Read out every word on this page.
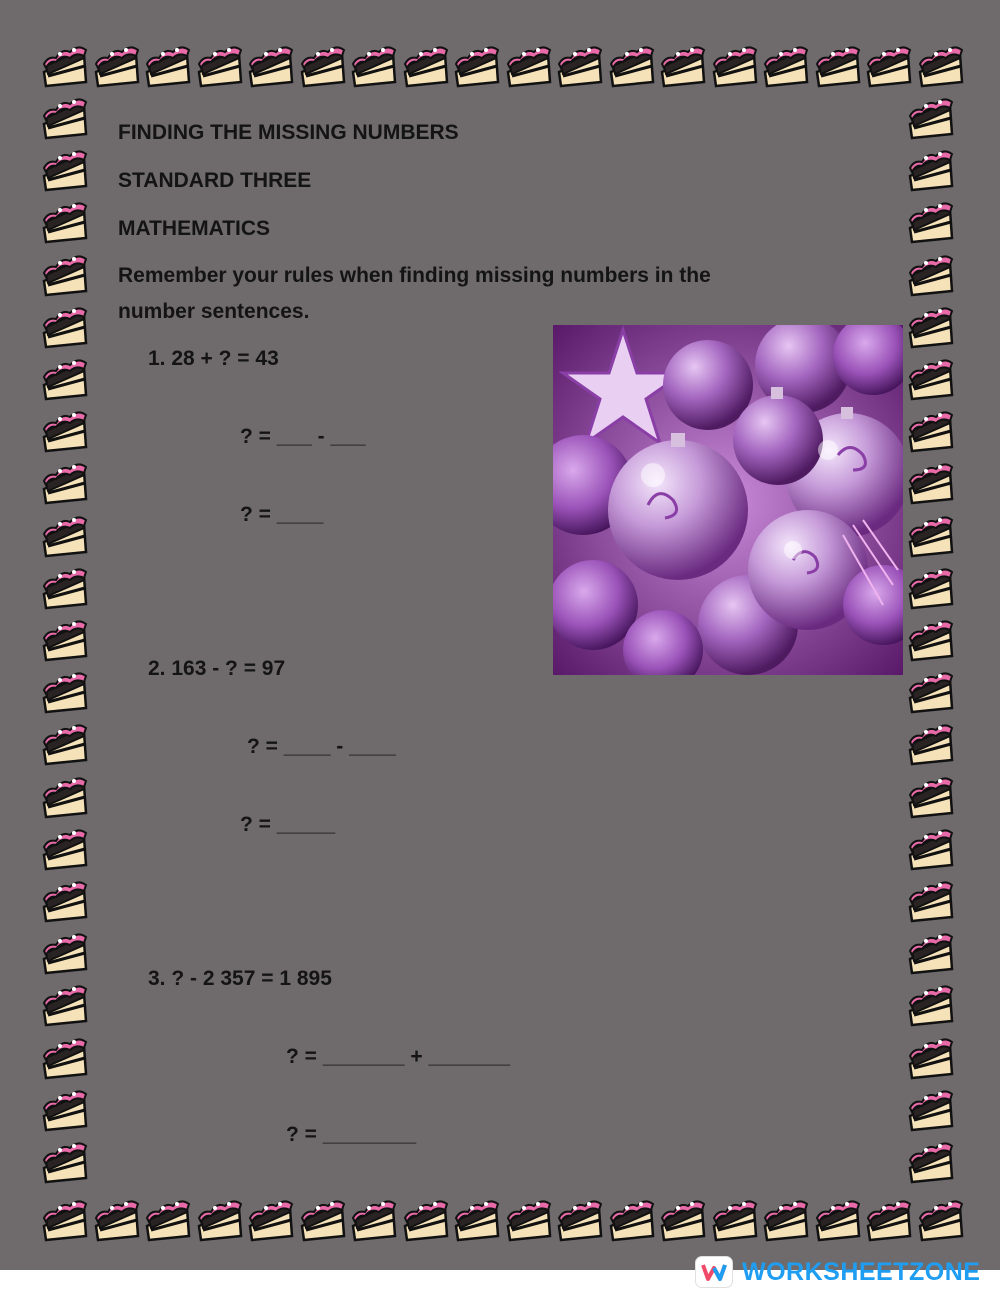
FINDING THE MISSING NUMBERS
STANDARD THREE
MATHEMATICS
Remember your rules when finding missing numbers in the
number sentences.
1. 28 + ? = 43
? = ___ - ___
? = ____
2. 163 - ? = 97
? = ____ - ____
? = _____
3. ? - 2 357 = 1 895
? = _______ + _______
? = ________
WORKSHEETZONE
